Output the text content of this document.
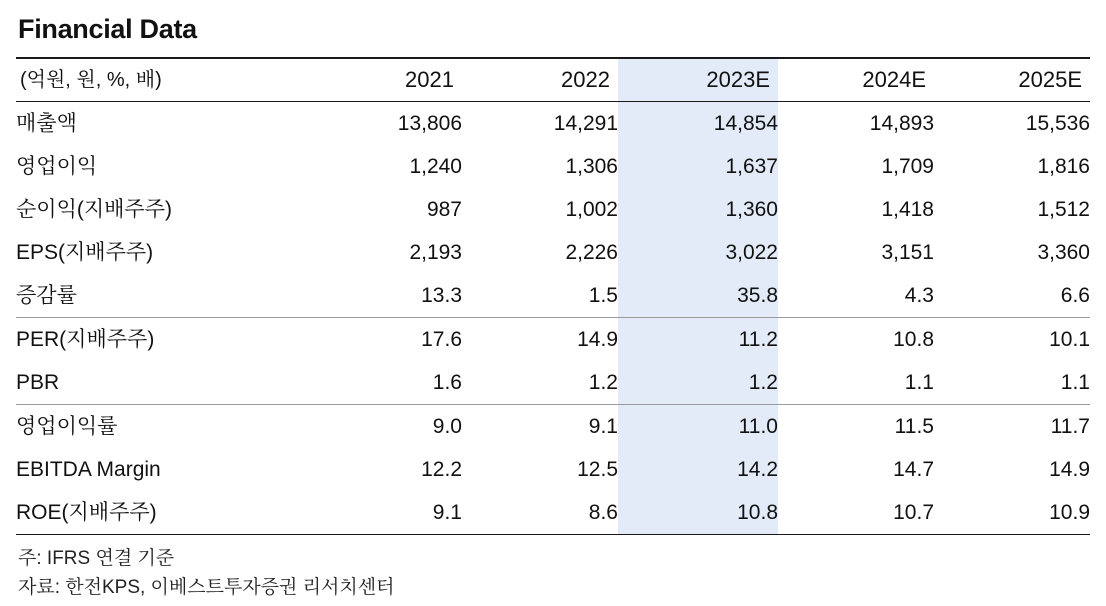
Financial Data
(억원, 원, %, 배)	2021	2022	2023E	2024E	2025E
매출액	13,806	14,291	14,854	14,893	15,536
영업이익	1,240	1,306	1,637	1,709	1,816
순이익(지배주주)	987	1,002	1,360	1,418	1,512
EPS(지배주주)	2,193	2,226	3,022	3,151	3,360
증감률	13.3	1.5	35.8	4.3	6.6
PER(지배주주)	17.6	14.9	11.2	10.8	10.1
PBR	1.6	1.2	1.2	1.1	1.1
영업이익률	9.0	9.1	11.0	11.5	11.7
EBITDA Margin	12.2	12.5	14.2	14.7	14.9
ROE(지배주주)	9.1	8.6	10.8	10.7	10.9
주: IFRS 연결 기준
자료: 한전KPS, 이베스트투자증권 리서치센터
